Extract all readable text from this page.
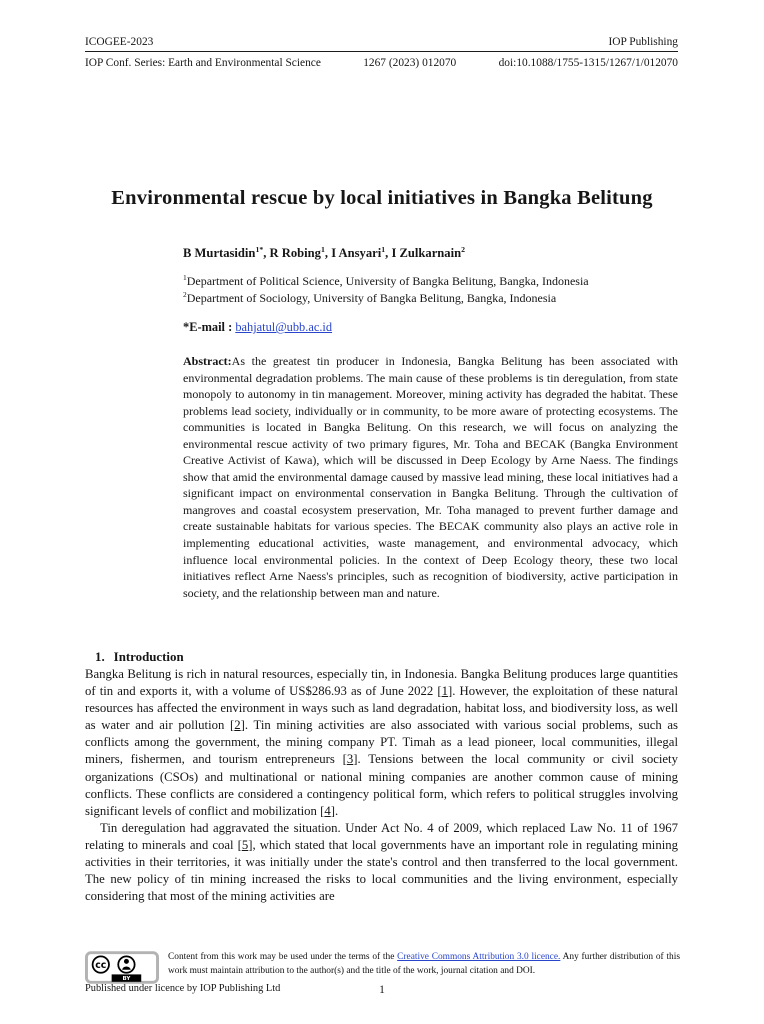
ICOGEE-2023	IOP Publishing
IOP Conf. Series: Earth and Environmental Science	1267 (2023) 012070	doi:10.1088/1755-1315/1267/1/012070
Environmental rescue by local initiatives in Bangka Belitung
B Murtasidin$^{1*}$, R Robing$^1$, I Ansyari$^1$, I Zulkarnain$^2$
$^1$Department of Political Science, University of Bangka Belitung, Bangka, Indonesia
$^2$Department of Sociology, University of Bangka Belitung, Bangka, Indonesia
*E-mail : bahjatul@ubb.ac.id
Abstract:As the greatest tin producer in Indonesia, Bangka Belitung has been associated with environmental degradation problems. The main cause of these problems is tin deregulation, from state monopoly to autonomy in tin management. Moreover, mining activity has degraded the habitat. These problems lead society, individually or in community, to be more aware of protecting ecosystems. The communities is located in Bangka Belitung. On this research, we will focus on analyzing the environmental rescue activity of two primary figures, Mr. Toha and BECAK (Bangka Environment Creative Activist of Kawa), which will be discussed in Deep Ecology by Arne Naess. The findings show that amid the environmental damage caused by massive lead mining, these local initiatives had a significant impact on environmental conservation in Bangka Belitung. Through the cultivation of mangroves and coastal ecosystem preservation, Mr. Toha managed to prevent further damage and create sustainable habitats for various species. The BECAK community also plays an active role in implementing educational activities, waste management, and environmental advocacy, which influence local environmental policies. In the context of Deep Ecology theory, these two local initiatives reflect Arne Naess's principles, such as recognition of biodiversity, active participation in society, and the relationship between man and nature.
1. Introduction

Bangka Belitung is rich in natural resources, especially tin, in Indonesia. Bangka Belitung produces large quantities of tin and exports it, with a volume of US$286.93 as of June 2022 [1]. However, the exploitation of these natural resources has affected the environment in ways such as land degradation, habitat loss, and biodiversity loss, as well as water and air pollution [2]. Tin mining activities are also associated with various social problems, such as conflicts among the government, the mining company PT. Timah as a lead pioneer, local communities, illegal miners, fishermen, and tourism entrepreneurs [3]. Tensions between the local community or civil society organizations (CSOs) and multinational or national mining companies are another common cause of mining conflicts. These conflicts are considered a contingency political form, which refers to political struggles involving significant levels of conflict and mobilization [4].

Tin deregulation had aggravated the situation. Under Act No. 4 of 2009, which replaced Law No. 11 of 1967 relating to minerals and coal [5], which stated that local governments have an important role in regulating mining activities in their territories, it was initially under the state's control and then transferred to the local government. The new policy of tin mining increased the risks to local communities and the living environment, especially considering that most of the mining activities are

cc
BY
Content from this work may be used under the terms of the Creative Commons Attribution 3.0 licence. Any further distribution of this work must maintain attribution to the author(s) and the title of the work, journal citation and DOI.
Published under licence by IOP Publishing Ltd	1
